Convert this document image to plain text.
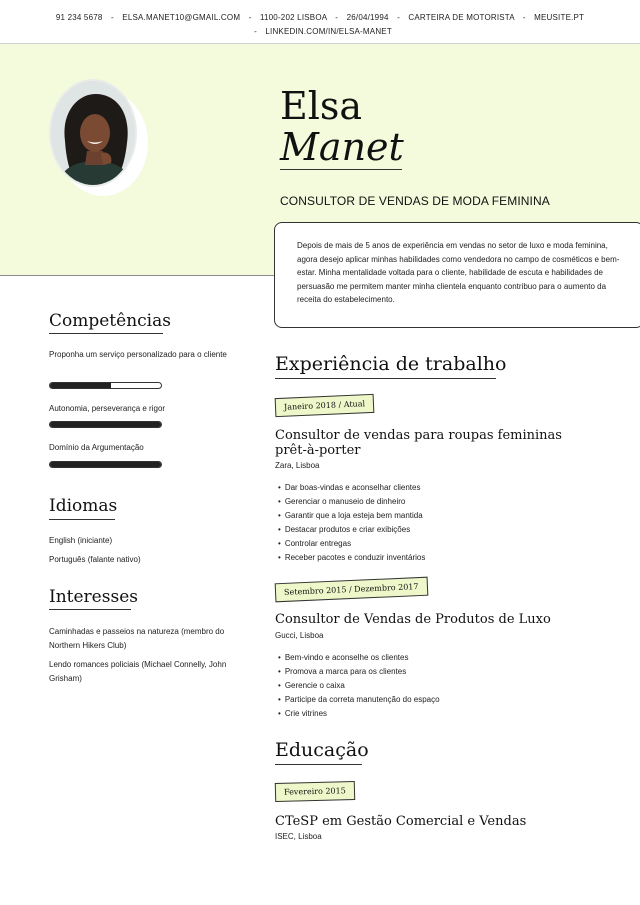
91 234 5678 - ELSA.MANET10@GMAIL.COM - 1100-202 LISBOA - 26/04/1994 - CARTEIRA DE MOTORISTA - MEUSITE.PT
- LINKEDIN.COM/IN/ELSA-MANET
Elsa
Manet
CONSULTOR DE VENDAS DE MODA FEMININA

Depois de mais de 5 anos de experiência em vendas no setor de luxo e moda feminina, agora desejo aplicar minhas habilidades como vendedora no campo de cosméticos e bem-estar. Minha mentalidade voltada para o cliente, habilidade de escuta e habilidades de persuasão me permitem manter minha clientela enquanto contribuo para o aumento da receita do estabelecimento.

Competências
Proponha um serviço personalizado para o cliente
Autonomia, perseverança e rigor
Domínio da Argumentação
Idiomas
English (iniciante)
Português (falante nativo)
Interesses
Caminhadas e passeios na natureza (membro do Northern Hikers Club)
Lendo romances policiais (Michael Connelly, John Grisham)
Experiência de trabalho
Janeiro 2018 / Atual
Consultor de vendas para roupas femininas prêt-à-porter
Zara, Lisboa
• Dar boas-vindas e aconselhar clientes
• Gerenciar o manuseio de dinheiro
• Garantir que a loja esteja bem mantida
• Destacar produtos e criar exibições
• Controlar entregas
• Receber pacotes e conduzir inventários
Setembro 2015 / Dezembro 2017
Consultor de Vendas de Produtos de Luxo
Gucci, Lisboa
• Bem-vindo e aconselhe os clientes
• Promova a marca para os clientes
• Gerencie o caixa
• Participe da correta manutenção do espaço
• Crie vitrines
Educação
Fevereiro 2015
CTeSP em Gestão Comercial e Vendas
ISEC, Lisboa
